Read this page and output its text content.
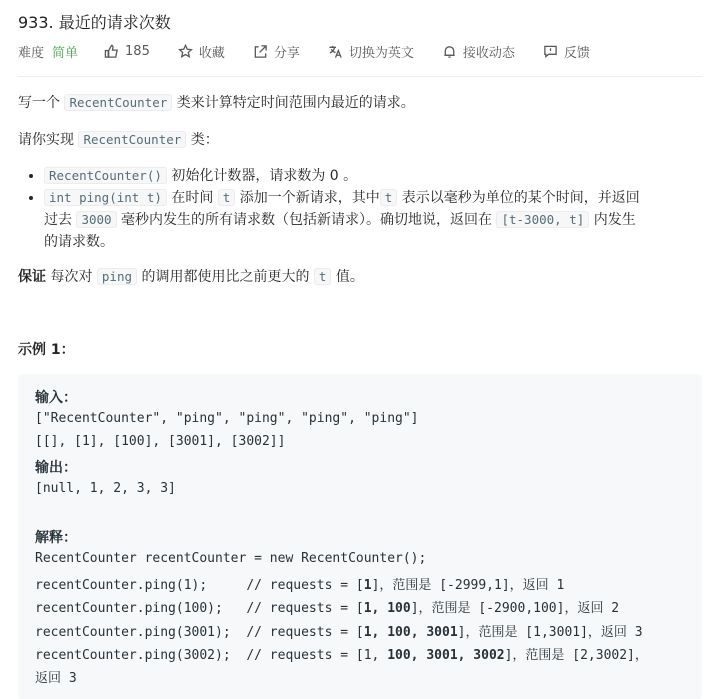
933. 最近的请求次数
难度 简单	185	收藏	分享	切换为英文	接收动态	反馈
写一个 RecentCounter 类来计算特定时间范围内最近的请求。
请你实现 RecentCounter 类：
• RecentCounter() 初始化计数器，请求数为 0 。
• int ping(int t) 在时间 t 添加一个新请求，其中 t 表示以毫秒为单位的某个时间，并返回
过去 3000 毫秒内发生的所有请求数（包括新请求）。确切地说，返回在 [t-3000, t] 内发生
的请求数。
保证 每次对 ping 的调用都使用比之前更大的 t 值。
示例 1：
输入：
["RecentCounter", "ping", "ping", "ping", "ping"]
[[], [1], [100], [3001], [3002]]
输出：
[null, 1, 2, 3, 3]
解释：
RecentCounter recentCounter = new RecentCounter();
recentCounter.ping(1);     // requests = [1]，范围是 [-2999,1]，返回 1
recentCounter.ping(100);   // requests = [1, 100]，范围是 [-2900,100]，返回 2
recentCounter.ping(3001);  // requests = [1, 100, 3001]，范围是 [1,3001]，返回 3
recentCounter.ping(3002);  // requests = [1, 100, 3001, 3002]，范围是 [2,3002]，
返回 3
